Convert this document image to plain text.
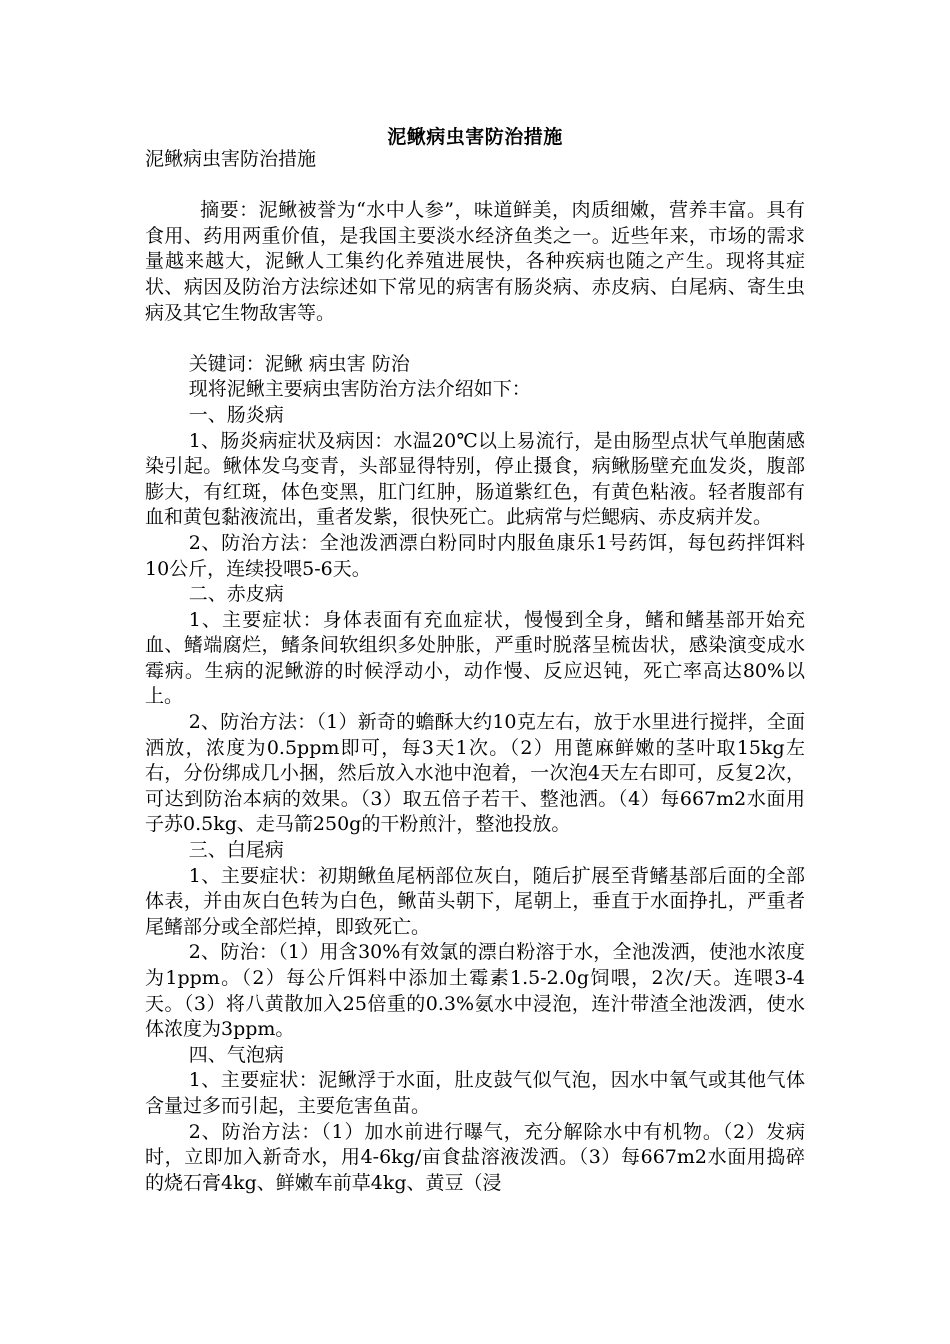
泥鳅病虫害防治措施

泥鳅病虫害防治措施

摘要：泥鳅被誉为“水中人参”，味道鲜美，肉质细嫩，营养丰富。具有食用、药用两重价值，是我国主要淡水经济鱼类之一。近些年来，市场的需求量越来越大，泥鳅人工集约化养殖进展快，各种疾病也随之产生。现将其症状、病因及防治方法综述如下常见的病害有肠炎病、赤皮病、白尾病、寄生虫病及其它生物敌害等。

关键词：泥鳅 病虫害 防治

现将泥鳅主要病虫害防治方法介绍如下：

一、肠炎病

1、肠炎病症状及病因：水温20℃以上易流行，是由肠型点状气单胞菌感染引起。鳅体发乌变青，头部显得特别，停止摄食，病鳅肠壁充血发炎，腹部膨大，有红斑，体色变黑，肛门红肿，肠道紫红色，有黄色粘液。轻者腹部有血和黄包黏液流出，重者发紫，很快死亡。此病常与烂鳃病、赤皮病并发。

2、防治方法：全池泼洒漂白粉同时内服鱼康乐1号药饵，每包药拌饵料10公斤，连续投喂5-6天。

二、赤皮病

1、主要症状：身体表面有充血症状，慢慢到全身，鳍和鳍基部开始充血、鳍端腐烂，鳍条间软组织多处肿胀，严重时脱落呈梳齿状，感染演变成水霉病。生病的泥鳅游的时候浮动小，动作慢、反应迟钝，死亡率高达80%以上。

2、防治方法：（1）新奇的蟾酥大约10克左右，放于水里进行搅拌，全面洒放，浓度为0.5ppm即可，每3天1次。（2）用蓖麻鲜嫩的茎叶取15kg左右，分份绑成几小捆，然后放入水池中泡着，一次泡4天左右即可，反复2次，可达到防治本病的效果。（3）取五倍子若干、整池洒。（4）每667m2水面用子苏0.5kg、走马箭250g的干粉煎汁，整池投放。

三、白尾病

1、主要症状：初期鳅鱼尾柄部位灰白，随后扩展至背鳍基部后面的全部体表，并由灰白色转为白色，鳅苗头朝下，尾朝上，垂直于水面挣扎，严重者尾鳍部分或全部烂掉，即致死亡。

2、防治：（1）用含30%有效氯的漂白粉溶于水，全池泼洒，使池水浓度为1ppm。（2）每公斤饵料中添加土霉素1.5-2.0g饲喂，2次/天。连喂3-4天。（3）将八黄散加入25倍重的0.3%氨水中浸泡，连汁带渣全池泼洒，使水体浓度为3ppm。

四、气泡病

1、主要症状：泥鳅浮于水面，肚皮鼓气似气泡，因水中氧气或其他气体含量过多而引起，主要危害鱼苗。

2、防治方法：（1）加水前进行曝气，充分解除水中有机物。（2）发病时，立即加入新奇水，用4-6kg/亩食盐溶液泼洒。（3）每667m2水面用捣碎的烧石膏4kg、鲜嫩车前草4kg、黄豆（浸
